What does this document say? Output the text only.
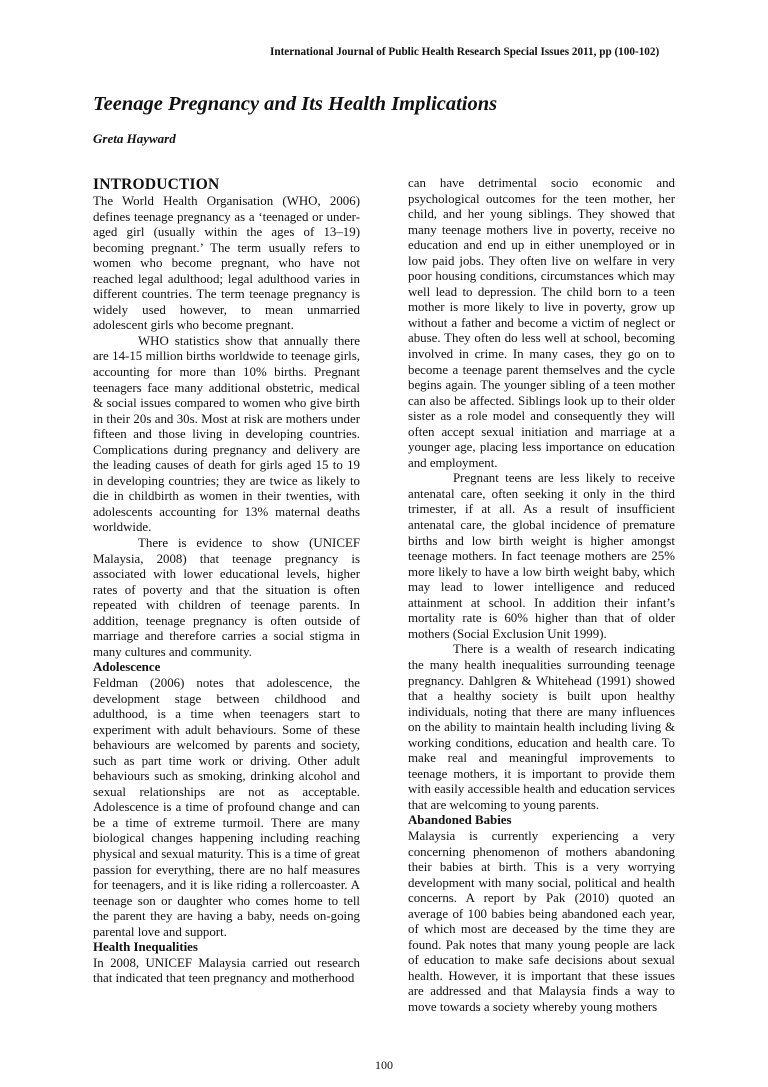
International Journal of Public Health Research Special Issues 2011, pp (100-102)
Teenage Pregnancy and Its Health Implications
Greta Hayward
INTRODUCTION

The World Health Organisation (WHO, 2006) defines teenage pregnancy as a ‘teenaged or under-aged girl (usually within the ages of 13–19) becoming pregnant.’ The term usually refers to women who become pregnant, who have not reached legal adulthood; legal adulthood varies in different countries. The term teenage pregnancy is widely used however, to mean unmarried adolescent girls who become pregnant.

WHO statistics show that annually there are 14-15 million births worldwide to teenage girls, accounting for more than 10% births. Pregnant teenagers face many additional obstetric, medical & social issues compared to women who give birth in their 20s and 30s. Most at risk are mothers under fifteen and those living in developing countries. Complications during pregnancy and delivery are the leading causes of death for girls aged 15 to 19 in developing countries; they are twice as likely to die in childbirth as women in their twenties, with adolescents accounting for 13% maternal deaths worldwide.

There is evidence to show (UNICEF Malaysia, 2008) that teenage pregnancy is associated with lower educational levels, higher rates of poverty and that the situation is often repeated with children of teenage parents. In addition, teenage pregnancy is often outside of marriage and therefore carries a social stigma in many cultures and community.

Adolescence

Feldman (2006) notes that adolescence, the development stage between childhood and adulthood, is a time when teenagers start to experiment with adult behaviours. Some of these behaviours are welcomed by parents and society, such as part time work or driving. Other adult behaviours such as smoking, drinking alcohol and sexual relationships are not as acceptable. Adolescence is a time of profound change and can be a time of extreme turmoil. There are many biological changes happening including reaching physical and sexual maturity. This is a time of great passion for everything, there are no half measures for teenagers, and it is like riding a rollercoaster. A teenage son or daughter who comes home to tell the parent they are having a baby, needs on-going parental love and support.

Health Inequalities

In 2008, UNICEF Malaysia carried out research that indicated that teen pregnancy and motherhood

can have detrimental socio economic and psychological outcomes for the teen mother, her child, and her young siblings. They showed that many teenage mothers live in poverty, receive no education and end up in either unemployed or in low paid jobs. They often live on welfare in very poor housing conditions, circumstances which may well lead to depression. The child born to a teen mother is more likely to live in poverty, grow up without a father and become a victim of neglect or abuse. They often do less well at school, becoming involved in crime. In many cases, they go on to become a teenage parent themselves and the cycle begins again. The younger sibling of a teen mother can also be affected. Siblings look up to their older sister as a role model and consequently they will often accept sexual initiation and marriage at a younger age, placing less importance on education and employment.

Pregnant teens are less likely to receive antenatal care, often seeking it only in the third trimester, if at all. As a result of insufficient antenatal care, the global incidence of premature births and low birth weight is higher amongst teenage mothers. In fact teenage mothers are 25% more likely to have a low birth weight baby, which may lead to lower intelligence and reduced attainment at school. In addition their infant’s mortality rate is 60% higher than that of older mothers (Social Exclusion Unit 1999).

There is a wealth of research indicating the many health inequalities surrounding teenage pregnancy. Dahlgren & Whitehead (1991) showed that a healthy society is built upon healthy individuals, noting that there are many influences on the ability to maintain health including living & working conditions, education and health care. To make real and meaningful improvements to teenage mothers, it is important to provide them with easily accessible health and education services that are welcoming to young parents.

Abandoned Babies

Malaysia is currently experiencing a very concerning phenomenon of mothers abandoning their babies at birth. This is a very worrying development with many social, political and health concerns. A report by Pak (2010) quoted an average of 100 babies being abandoned each year, of which most are deceased by the time they are found. Pak notes that many young people are lack of education to make safe decisions about sexual health. However, it is important that these issues are addressed and that Malaysia finds a way to move towards a society whereby young mothers

100
